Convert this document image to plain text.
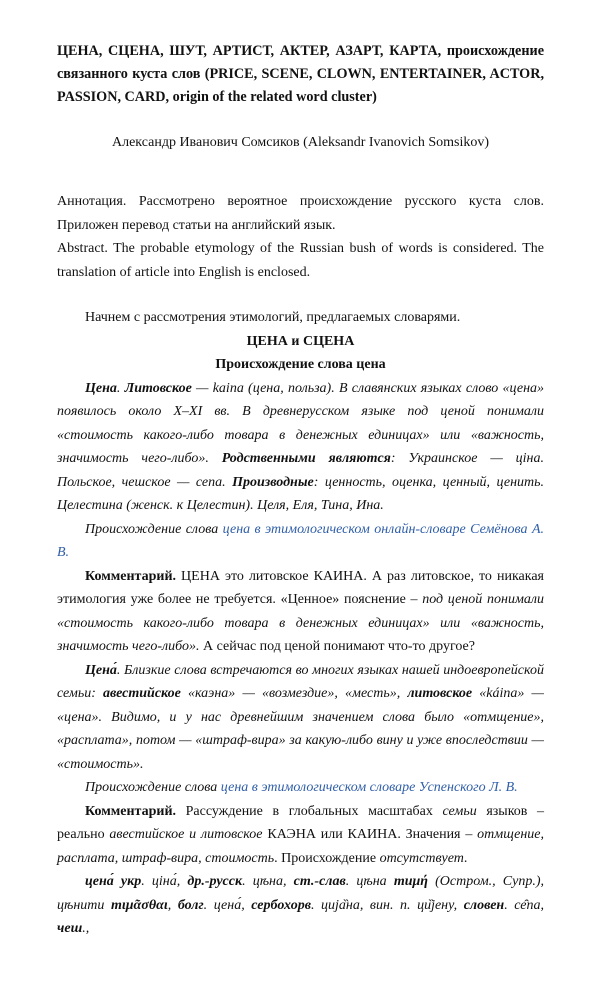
ЦЕНА, СЦЕНА, ШУТ, АРТИСТ, АКТЕР, АЗАРТ, КАРТА, происхождение связанного куста слов (PRICE, SCENE, CLOWN, ENTERTAINER, ACTOR, PASSION, CARD, origin of the related word cluster)

Александр Иванович Сомсиков (Aleksandr Ivanovich Somsikov)
Аннотация. Рассмотрено вероятное происхождение русского куста слов. Приложен перевод статьи на английский язык.
Abstract. The probable etymology of the Russian bush of words is considered. The translation of article into English is enclosed.

Начнем с рассмотрения этимологий, предлагаемых словарями.

ЦЕНА и СЦЕНА
Происхождение слова цена

Цена. Литовское — kaina (цена, польза). В славянских языках слово «цена» появилось около X–XI вв. В древнерусском языке под ценой понимали «стоимость какого-либо товара в денежных единицах» или «важность, значимость чего-либо». Родственными являются: Украинское — ціна. Польское, чешское — сепа. Производные: ценность, оценка, ценный, ценить. Целестина (женск. к Целестин). Целя, Еля, Тина, Ина.

Происхождение слова цена в этимологическом онлайн-словаре Семёнова А. В.

Комментарий. ЦЕНА это литовское КАИНА. А раз литовское, то никакая этимология уже более не требуется. «Ценное» пояснение – под ценой понимали «стоимость какого-либо товара в денежных единицах» или «важность, значимость чего-либо». А сейчас под ценой понимают что-то другое?

Цена́. Близкие слова встречаются во многих языках нашей индоевропейской семьи: авестийское «каэна» — «возмездие», «месть», литовское «káina» — «цена». Видимо, и у нас древнейшим значением слова было «отмщение», «расплата», потом — «штраф-вира» за какую-либо вину и уже впоследствии — «стоимость».

Происхождение слова цена в этимологическом словаре Успенского Л. В.

Комментарий. Рассуждение в глобальных масштабах семьи языков – реально авестийское и литовское КАЭНА или КАИНА. Значения – отмщение, расплата, штраф-вира, стоимость. Происхождение отсутствует.

цена́ укр. ціна́, др.-русск. цѣна, ст.-слав. цѣна тиμή (Остром., Супр.), цѣнити тιμᾶσθαι, болг. цена́, сербохорв. ција̏на, вин. п. ци̏jену, словен. се̑па, чеш.,
